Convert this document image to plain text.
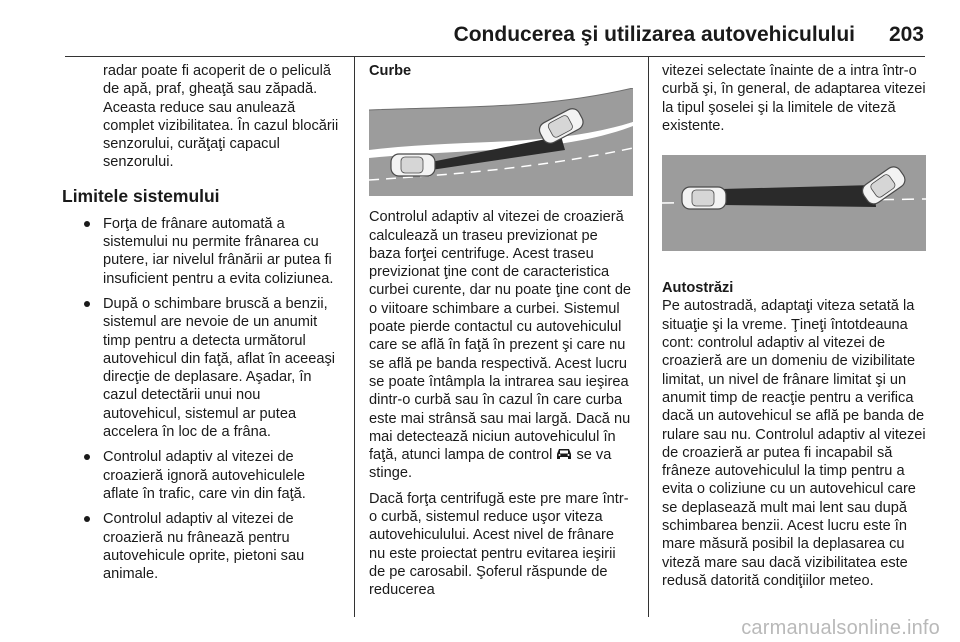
Conducerea şi utilizarea autovehiculului 203

radar poate fi acoperit de o peliculă de apă, praf, gheaţă sau zăpadă. Aceasta reduce sau anulează complet vizibilitatea. În cazul blocării senzorului, curăţaţi capacul senzorului.

Limitele sistemului
Forţa de frânare automată a sistemului nu permite frânarea cu putere, iar nivelul frânării ar putea fi insuficient pentru a evita coliziunea.
După o schimbare bruscă a benzii, sistemul are nevoie de un anumit timp pentru a detecta următorul autovehicul din faţă, aflat în aceeaşi direcţie de deplasare. Aşadar, în cazul detectării unui nou autovehicul, sistemul ar putea accelera în loc de a frâna.
Controlul adaptiv al vitezei de croazieră ignoră autovehiculele aflate în trafic, care vin din faţă.
Controlul adaptiv al vitezei de croazieră nu frânează pentru autovehicule oprite, pietoni sau animale.
Curbe

Controlul adaptiv al vitezei de croazieră calculează un traseu previzionat pe baza forţei centrifuge. Acest traseu previzionat ţine cont de caracteristica curbei curente, dar nu poate ţine cont de o viitoare schimbare a curbei. Sistemul poate pierde contactul cu autovehiculul care se află în faţă în prezent şi care nu se află pe banda respectivă. Acest lucru se poate întâmpla la intrarea sau ieşirea dintr-o curbă sau în cazul în care curba este mai strânsă sau mai largă. Dacă nu mai detectează niciun autovehiculul în faţă, atunci lampa de control se va stinge.

Dacă forţa centrifugă este pre mare într-o curbă, sistemul reduce uşor viteza autovehiculului. Acest nivel de frânare nu este proiectat pentru evitarea ieşirii de pe carosabil. Şoferul răspunde de reducerea

vitezei selectate înainte de a intra într-o curbă şi, în general, de adaptarea vitezei la tipul şoselei şi la limitele de viteză existente.

Autostrăzi

Pe autostradă, adaptaţi viteza setată la situaţie şi la vreme. Ţineţi întotdeauna cont: controlul adaptiv al vitezei de croazieră are un domeniu de vizibilitate limitat, un nivel de frânare limitat şi un anumit timp de reacţie pentru a verifica dacă un autovehicul se află pe banda de rulare sau nu. Controlul adaptiv al vitezei de croazieră ar putea fi incapabil să frâneze autovehiculul la timp pentru a evita o coliziune cu un autovehicul care se deplasează mult mai lent sau după schimbarea benzii. Acest lucru este în mare măsură posibil la deplasarea cu viteză mare sau dacă vizibilitatea este redusă datorită condiţiilor meteo.

carmanualsonline.info
